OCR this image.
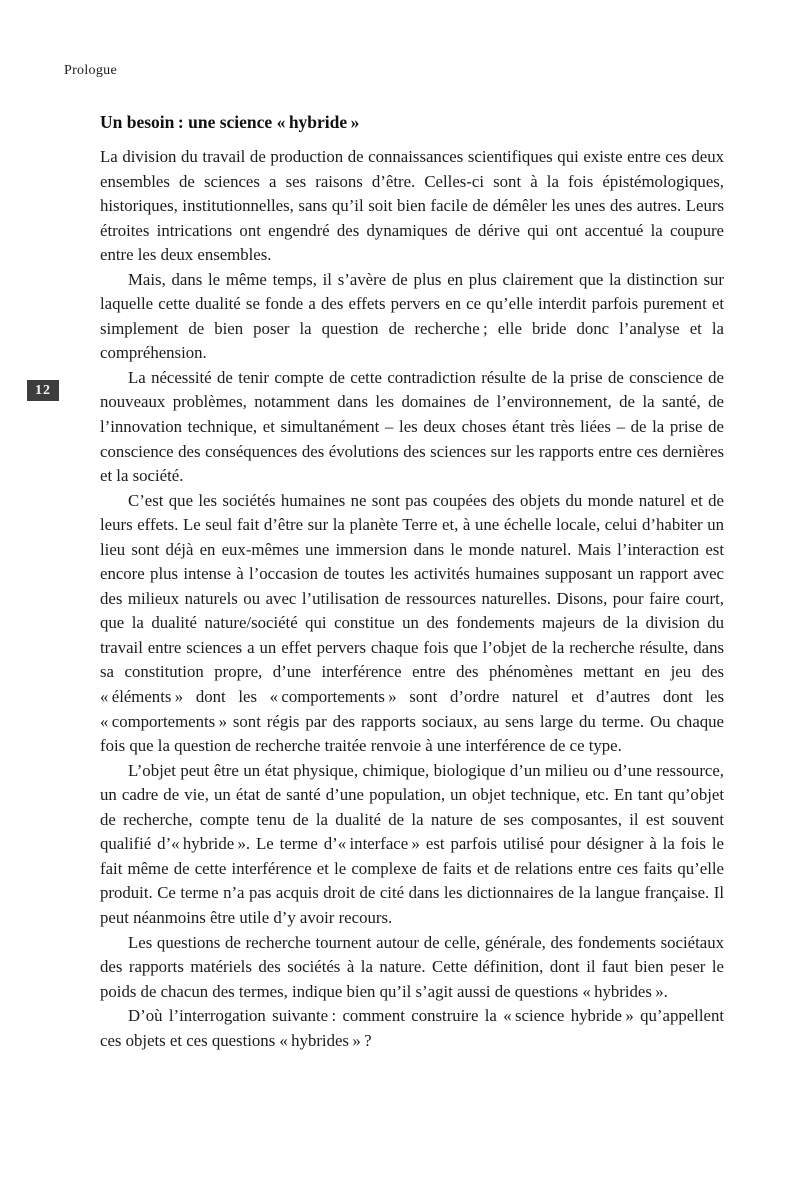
Prologue
12
Un besoin : une science « hybride »

La division du travail de production de connaissances scientifiques qui existe entre ces deux ensembles de sciences a ses raisons d’être. Celles-ci sont à la fois épistémologiques, historiques, institutionnelles, sans qu’il soit bien facile de démêler les unes des autres. Leurs étroites intrications ont engendré des dynamiques de dérive qui ont accentué la coupure entre les deux ensembles.

Mais, dans le même temps, il s’avère de plus en plus clairement que la distinction sur laquelle cette dualité se fonde a des effets pervers en ce qu’elle interdit parfois purement et simplement de bien poser la question de recherche ; elle bride donc l’analyse et la compréhension.

La nécessité de tenir compte de cette contradiction résulte de la prise de conscience de nouveaux problèmes, notamment dans les domaines de l’environnement, de la santé, de l’innovation technique, et simultanément – les deux choses étant très liées – de la prise de conscience des conséquences des évolutions des sciences sur les rapports entre ces dernières et la société.

C’est que les sociétés humaines ne sont pas coupées des objets du monde naturel et de leurs effets. Le seul fait d’être sur la planète Terre et, à une échelle locale, celui d’habiter un lieu sont déjà en eux-mêmes une immersion dans le monde naturel. Mais l’interaction est encore plus intense à l’occasion de toutes les activités humaines supposant un rapport avec des milieux naturels ou avec l’utilisation de ressources naturelles. Disons, pour faire court, que la dualité nature/société qui constitue un des fondements majeurs de la division du travail entre sciences a un effet pervers chaque fois que l’objet de la recherche résulte, dans sa constitution propre, d’une interférence entre des phénomènes mettant en jeu des « éléments » dont les « comportements » sont d’ordre naturel et d’autres dont les « comportements » sont régis par des rapports sociaux, au sens large du terme. Ou chaque fois que la question de recherche traitée renvoie à une interférence de ce type.

L’objet peut être un état physique, chimique, biologique d’un milieu ou d’une ressource, un cadre de vie, un état de santé d’une population, un objet technique, etc. En tant qu’objet de recherche, compte tenu de la dualité de la nature de ses composantes, il est souvent qualifié d’« hybride ». Le terme d’« interface » est parfois utilisé pour désigner à la fois le fait même de cette interférence et le complexe de faits et de relations entre ces faits qu’elle produit. Ce terme n’a pas acquis droit de cité dans les dictionnaires de la langue française. Il peut néanmoins être utile d’y avoir recours.

Les questions de recherche tournent autour de celle, générale, des fondements sociétaux des rapports matériels des sociétés à la nature. Cette définition, dont il faut bien peser le poids de chacun des termes, indique bien qu’il s’agit aussi de questions « hybrides ».

D’où l’interrogation suivante : comment construire la « science hybride » qu’appellent ces objets et ces questions « hybrides » ?
